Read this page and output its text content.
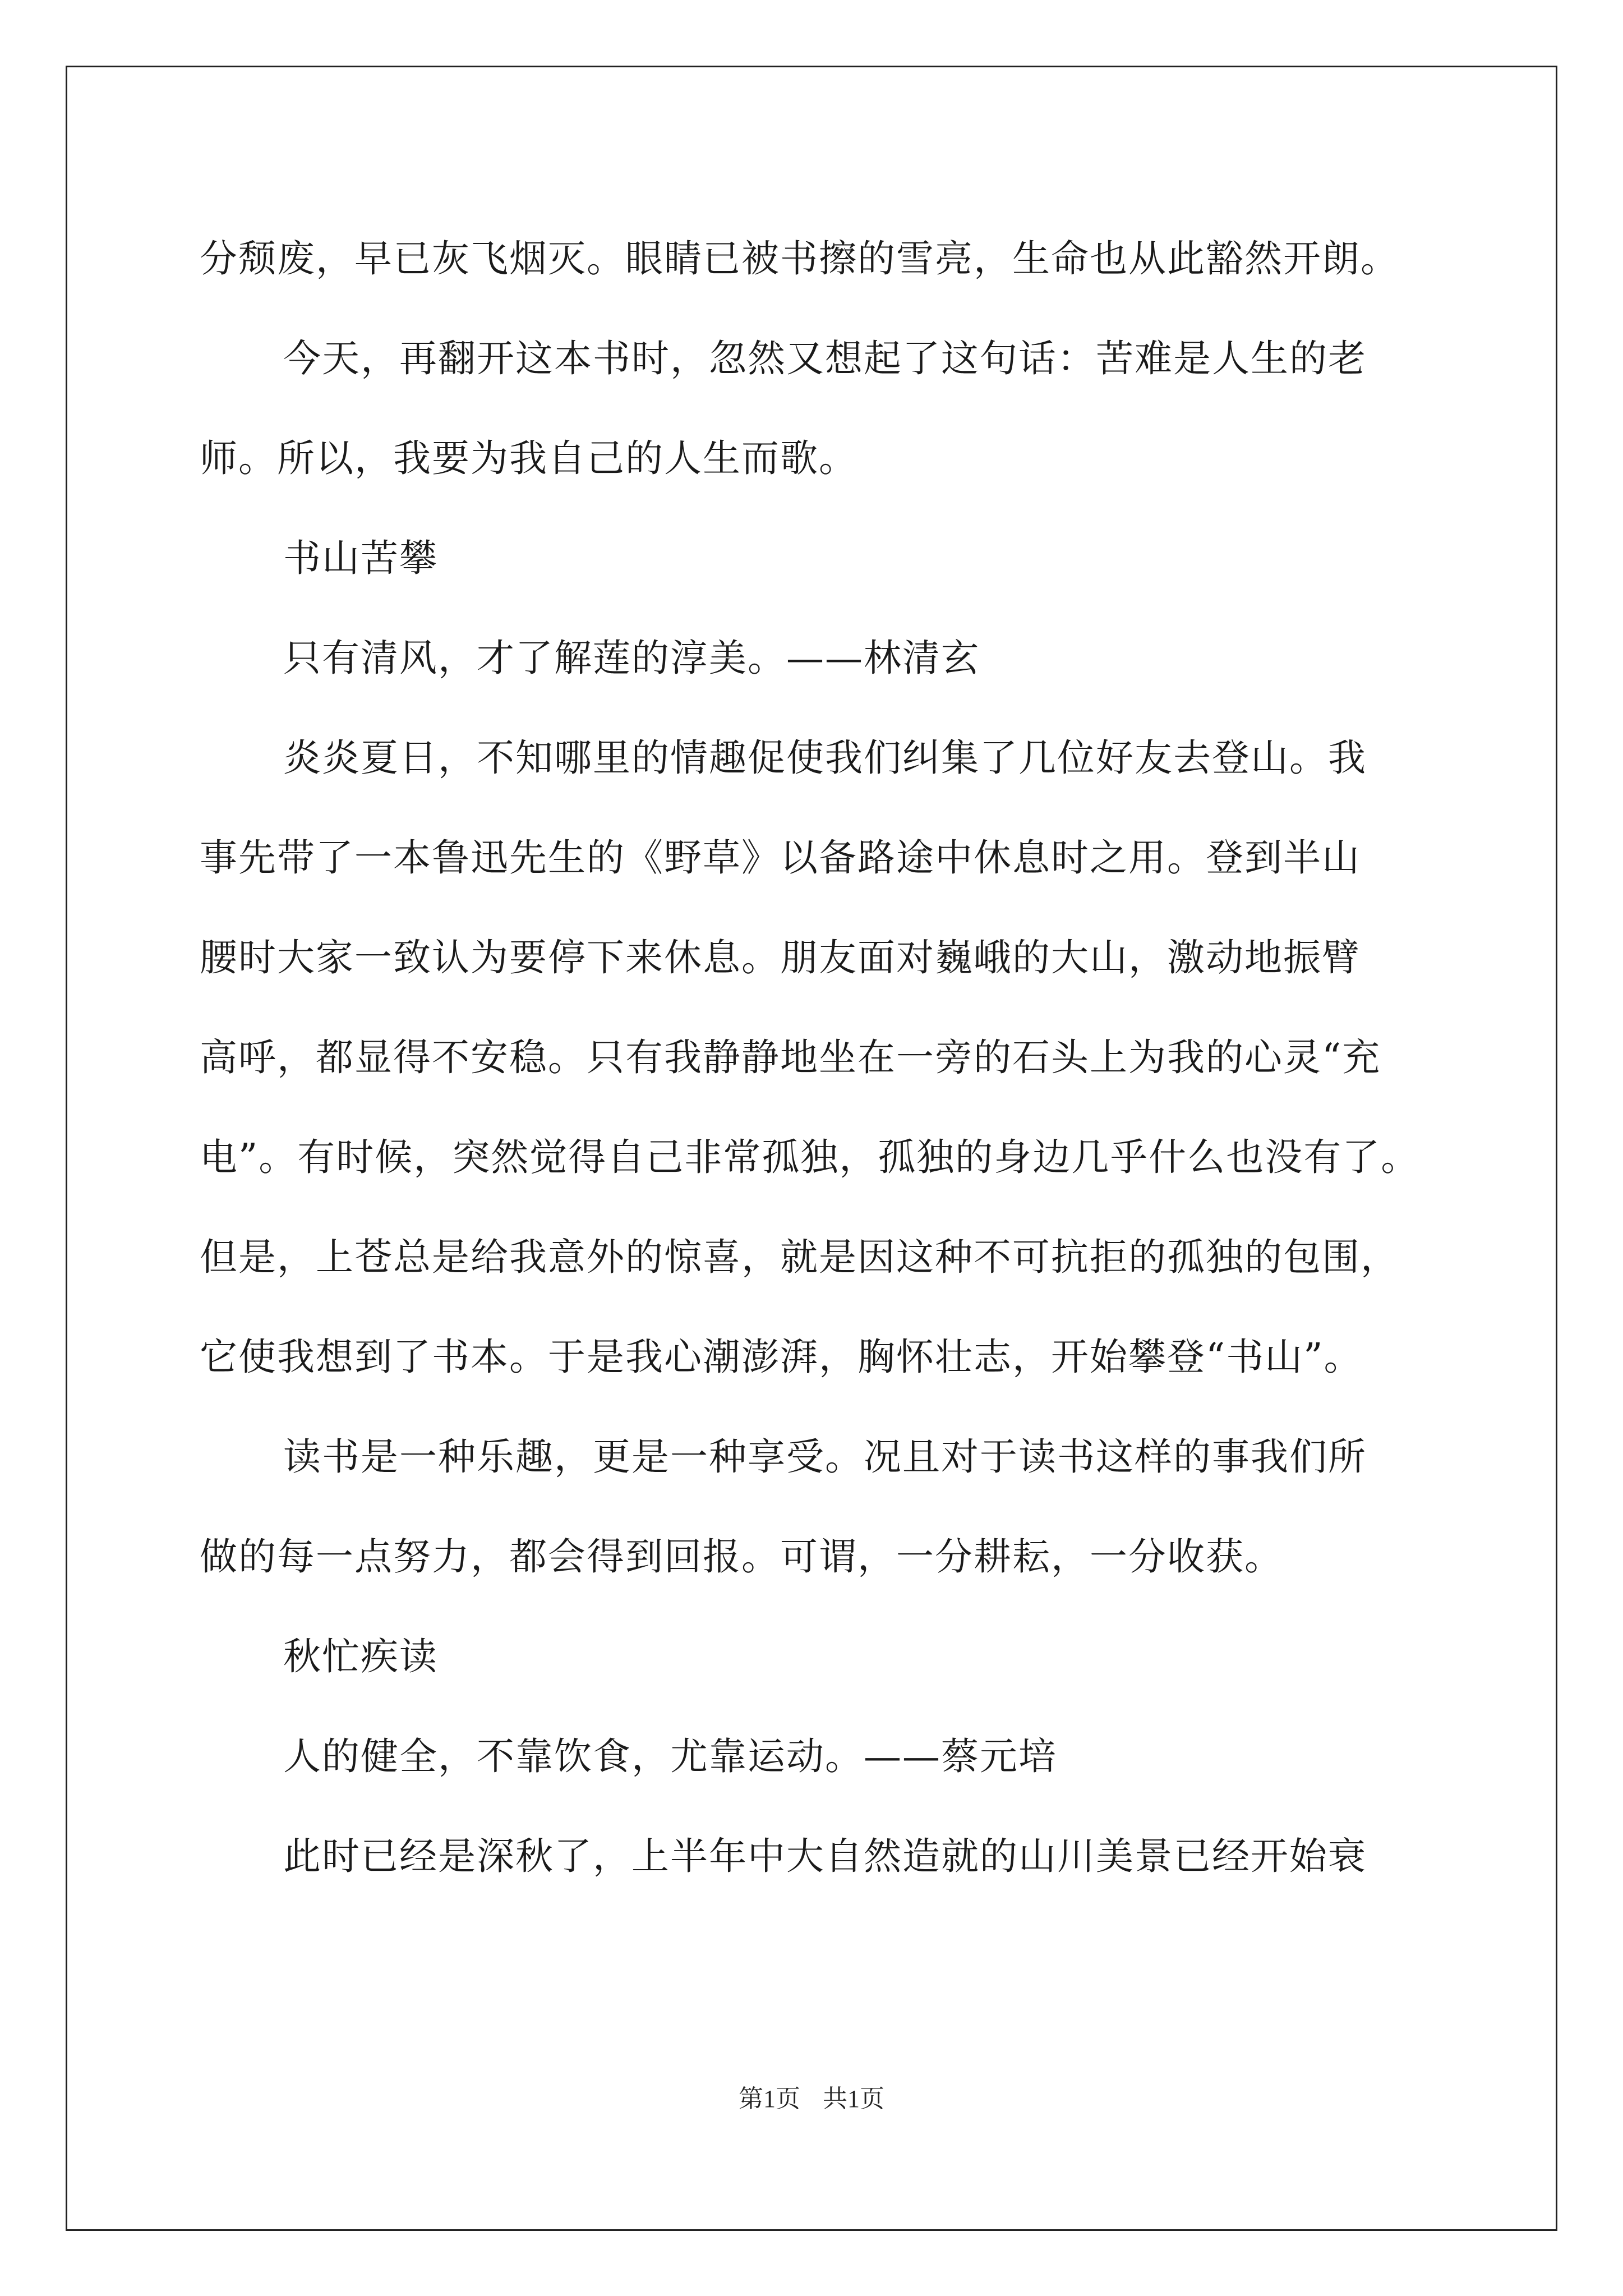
分颓废，早已灰飞烟灭。眼睛已被书擦的雪亮，生命也从此豁然开朗。

今天，再翻开这本书时，忽然又想起了这句话：苦难是人生的老

师。所以，我要为我自己的人生而歌。

书山苦攀

只有清风，才了解莲的淳美。——林清玄

炎炎夏日，不知哪里的情趣促使我们纠集了几位好友去登山。我

事先带了一本鲁迅先生的《野草》以备路途中休息时之用。登到半山

腰时大家一致认为要停下来休息。朋友面对巍峨的大山，激动地振臂

高呼，都显得不安稳。只有我静静地坐在一旁的石头上为我的心灵“充

电”。有时候，突然觉得自己非常孤独，孤独的身边几乎什么也没有了。

但是，上苍总是给我意外的惊喜，就是因这种不可抗拒的孤独的包围，

它使我想到了书本。于是我心潮澎湃，胸怀壮志，开始攀登“书山”。

读书是一种乐趣，更是一种享受。况且对于读书这样的事我们所

做的每一点努力，都会得到回报。可谓，一分耕耘，一分收获。

秋忙疾读

人的健全，不靠饮食，尤靠运动。——蔡元培

此时已经是深秋了，上半年中大自然造就的山川美景已经开始衰

第1页 共1页
